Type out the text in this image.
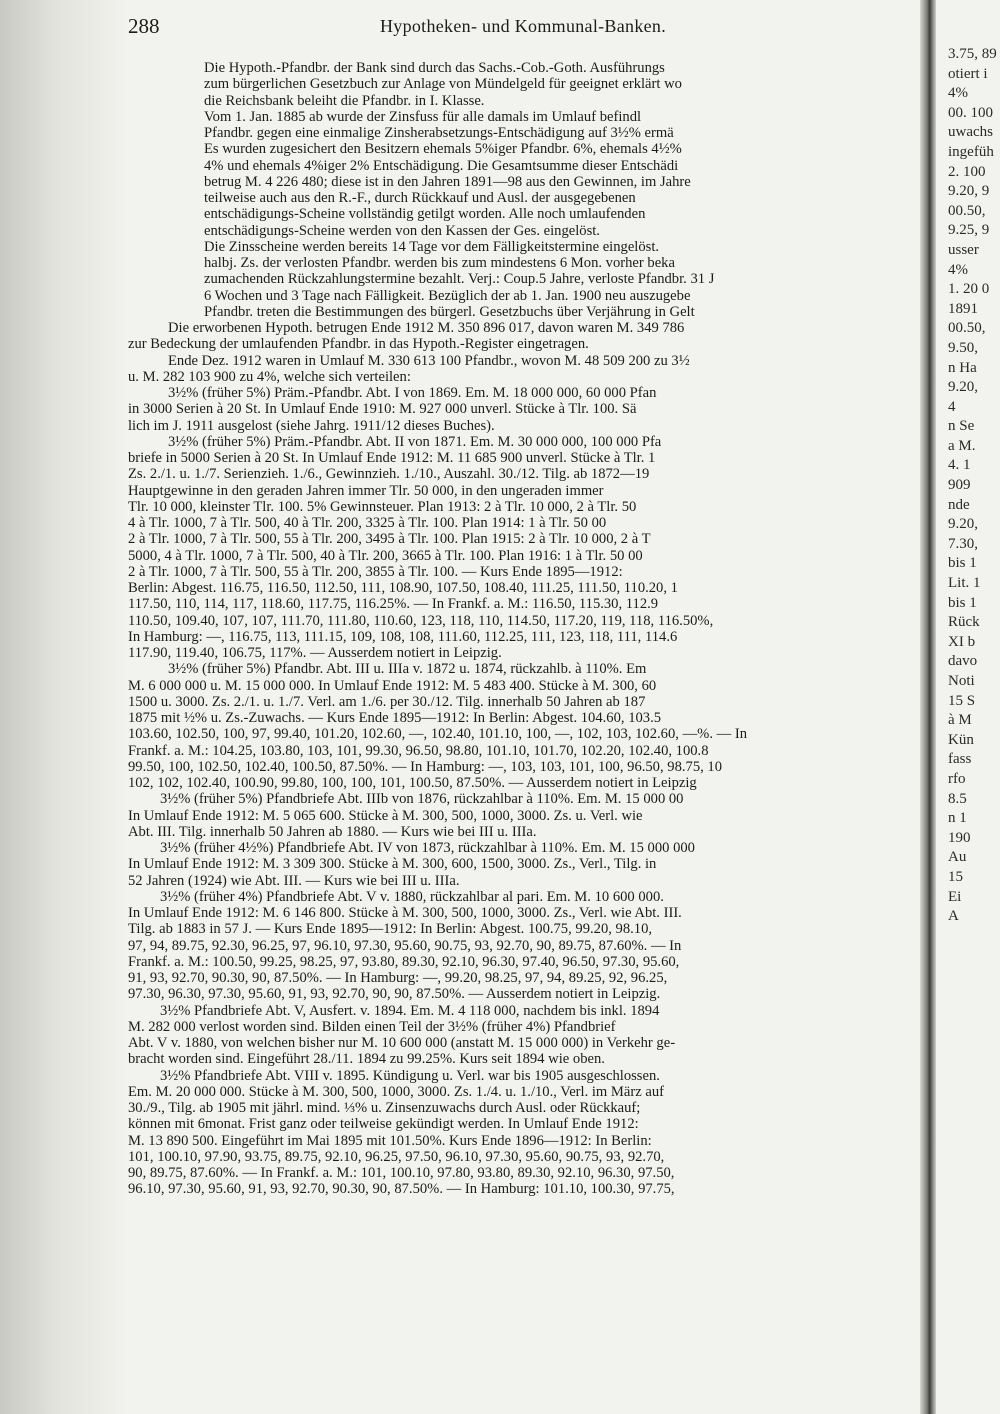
288	Hypotheken- und Kommunal-Banken.
Die Hypoth.-Pfandbr. der Bank sind durch das Sachs.-Cob.-Goth. Ausführungs
zum bürgerlichen Gesetzbuch zur Anlage von Mündelgeld für geeignet erklärt wo
die Reichsbank beleiht die Pfandbr. in I. Klasse.
Vom 1. Jan. 1885 ab wurde der Zinsfuss für alle damals im Umlauf befindl
Pfandbr. gegen eine einmalige Zinsherabsetzungs-Entschädigung auf 3½% ermä
Es wurden zugesichert den Besitzern ehemals 5%iger Pfandbr. 6%, ehemals 4½%
4% und ehemals 4%iger 2% Entschädigung. Die Gesamtsumme dieser Entschädi
betrug M. 4 226 480; diese ist in den Jahren 1891—98 aus den Gewinnen, im Jahre
teilweise auch aus den R.-F., durch Rückkauf und Ausl. der ausgegebenen
entschädigungs-Scheine vollständig getilgt worden. Alle noch umlaufenden
entschädigungs-Scheine werden von den Kassen der Ges. eingelöst.
Die Zinsscheine werden bereits 14 Tage vor dem Fälligkeitstermine eingelöst.
halbj. Zs. der verlosten Pfandbr. werden bis zum mindestens 6 Mon. vorher beka
zumachenden Rückzahlungstermine bezahlt. Verj.: Coup.5 Jahre, verloste Pfandbr. 31 J
6 Wochen und 3 Tage nach Fälligkeit. Bezüglich der ab 1. Jan. 1900 neu auszugebe
Pfandbr. treten die Bestimmungen des bürgerl. Gesetzbuchs über Verjährung in Gelt
Die erworbenen Hypoth. betrugen Ende 1912 M. 350 896 017, davon waren M. 349 786
zur Bedeckung der umlaufenden Pfandbr. in das Hypoth.-Register eingetragen.
Ende Dez. 1912 waren in Umlauf M. 330 613 100 Pfandbr., wovon M. 48 509 200 zu 3½
u. M. 282 103 900 zu 4%, welche sich verteilen:
3½% (früher 5%) Präm.-Pfandbr. Abt. I von 1869. Em. M. 18 000 000, 60 000 Pfan
in 3000 Serien à 20 St. In Umlauf Ende 1910: M. 927 000 unverl. Stücke à Tlr. 100. Sä
lich im J. 1911 ausgelost (siehe Jahrg. 1911/12 dieses Buches).
3½% (früher 5%) Präm.-Pfandbr. Abt. II von 1871. Em. M. 30 000 000, 100 000 Pfa
briefe in 5000 Serien à 20 St. In Umlauf Ende 1912: M. 11 685 900 unverl. Stücke à Tlr. 1
Zs. 2./1. u. 1./7. Serienzieh. 1./6., Gewinnzieh. 1./10., Auszahl. 30./12. Tilg. ab 1872—19
Hauptgewinne in den geraden Jahren immer Tlr. 50 000, in den ungeraden immer
Tlr. 10 000, kleinster Tlr. 100. 5% Gewinnsteuer. Plan 1913: 2 à Tlr. 10 000, 2 à Tlr. 50
4 à Tlr. 1000, 7 à Tlr. 500, 40 à Tlr. 200, 3325 à Tlr. 100. Plan 1914: 1 à Tlr. 50 00
2 à Tlr. 1000, 7 à Tlr. 500, 55 à Tlr. 200, 3495 à Tlr. 100. Plan 1915: 2 à Tlr. 10 000, 2 à T
5000, 4 à Tlr. 1000, 7 à Tlr. 500, 40 à Tlr. 200, 3665 à Tlr. 100. Plan 1916: 1 à Tlr. 50 00
2 à Tlr. 1000, 7 à Tlr. 500, 55 à Tlr. 200, 3855 à Tlr. 100. — Kurs Ende 1895—1912:
Berlin: Abgest. 116.75, 116.50, 112.50, 111, 108.90, 107.50, 108.40, 111.25, 111.50, 110.20, 1
117.50, 110, 114, 117, 118.60, 117.75, 116.25%. — In Frankf. a. M.: 116.50, 115.30, 112.9
110.50, 109.40, 107, 107, 111.70, 111.80, 110.60, 123, 118, 110, 114.50, 117.20, 119, 118, 116.50%,
In Hamburg: —, 116.75, 113, 111.15, 109, 108, 108, 111.60, 112.25, 111, 123, 118, 111, 114.6
117.90, 119.40, 106.75, 117%. — Ausserdem notiert in Leipzig.
3½% (früher 5%) Pfandbr. Abt. III u. IIIa v. 1872 u. 1874, rückzahlb. à 110%. Em
M. 6 000 000 u. M. 15 000 000. In Umlauf Ende 1912: M. 5 483 400. Stücke à M. 300, 60
1500 u. 3000. Zs. 2./1. u. 1./7. Verl. am 1./6. per 30./12. Tilg. innerhalb 50 Jahren ab 187
1875 mit ½% u. Zs.-Zuwachs. — Kurs Ende 1895—1912: In Berlin: Abgest. 104.60, 103.5
103.60, 102.50, 100, 97, 99.40, 101.20, 102.60, —, 102.40, 101.10, 100, —, 102, 103, 102.60, —%. — In
Frankf. a. M.: 104.25, 103.80, 103, 101, 99.30, 96.50, 98.80, 101.10, 101.70, 102.20, 102.40, 100.8
99.50, 100, 102.50, 102.40, 100.50, 87.50%. — In Hamburg: —, 103, 103, 101, 100, 96.50, 98.75, 10
102, 102, 102.40, 100.90, 99.80, 100, 100, 101, 100.50, 87.50%. — Ausserdem notiert in Leipzig
3½% (früher 5%) Pfandbriefe Abt. IIIb von 1876, rückzahlbar à 110%. Em. M. 15 000 00
In Umlauf Ende 1912: M. 5 065 600. Stücke à M. 300, 500, 1000, 3000. Zs. u. Verl. wie
Abt. III. Tilg. innerhalb 50 Jahren ab 1880. — Kurs wie bei III u. IIIa.
3½% (früher 4½%) Pfandbriefe Abt. IV von 1873, rückzahlbar à 110%. Em. M. 15 000 000
In Umlauf Ende 1912: M. 3 309 300. Stücke à M. 300, 600, 1500, 3000. Zs., Verl., Tilg. in
52 Jahren (1924) wie Abt. III. — Kurs wie bei III u. IIIa.
3½% (früher 4%) Pfandbriefe Abt. V v. 1880, rückzahlbar al pari. Em. M. 10 600 000.
In Umlauf Ende 1912: M. 6 146 800. Stücke à M. 300, 500, 1000, 3000. Zs., Verl. wie Abt. III.
Tilg. ab 1883 in 57 J. — Kurs Ende 1895—1912: In Berlin: Abgest. 100.75, 99.20, 98.10,
97, 94, 89.75, 92.30, 96.25, 97, 96.10, 97.30, 95.60, 90.75, 93, 92.70, 90, 89.75, 87.60%. — In
Frankf. a. M.: 100.50, 99.25, 98.25, 97, 93.80, 89.30, 92.10, 96.30, 97.40, 96.50, 97.30, 95.60,
91, 93, 92.70, 90.30, 90, 87.50%. — In Hamburg: —, 99.20, 98.25, 97, 94, 89.25, 92, 96.25,
97.30, 96.30, 97.30, 95.60, 91, 93, 92.70, 90, 90, 87.50%. — Ausserdem notiert in Leipzig.
3½% Pfandbriefe Abt. V, Ausfert. v. 1894. Em. M. 4 118 000, nachdem bis inkl. 1894
M. 282 000 verlost worden sind. Bilden einen Teil der 3½% (früher 4%) Pfandbrief
Abt. V v. 1880, von welchen bisher nur M. 10 600 000 (anstatt M. 15 000 000) in Verkehr ge-
bracht worden sind. Eingeführt 28./11. 1894 zu 99.25%. Kurs seit 1894 wie oben.
3½% Pfandbriefe Abt. VIII v. 1895. Kündigung u. Verl. war bis 1905 ausgeschlossen.
Em. M. 20 000 000. Stücke à M. 300, 500, 1000, 3000. Zs. 1./4. u. 1./10., Verl. im März auf
30./9., Tilg. ab 1905 mit jährl. mind. ⅓% u. Zinsenzuwachs durch Ausl. oder Rückkauf;
können mit 6monat. Frist ganz oder teilweise gekündigt werden. In Umlauf Ende 1912:
M. 13 890 500. Eingeführt im Mai 1895 mit 101.50%. Kurs Ende 1896—1912: In Berlin:
101, 100.10, 97.90, 93.75, 89.75, 92.10, 96.25, 97.50, 96.10, 97.30, 95.60, 90.75, 93, 92.70,
90, 89.75, 87.60%. — In Frankf. a. M.: 101, 100.10, 97.80, 93.80, 89.30, 92.10, 96.30, 97.50,
96.10, 97.30, 95.60, 91, 93, 92.70, 90.30, 90, 87.50%. — In Hamburg: 101.10, 100.30, 97.75,
3.75, 89
otiert i
4%
00. 100
uwachs
ingefüh
2. 100
9.20, 9
00.50,
9.25, 9
usser
4%
1. 20 0
1891
00.50,
9.50,
n Ha
9.20,
4
n Se
a M.
4. 1
909
nde
9.20,
7.30,
bis 1
Lit. 1
bis 1
Rück
XI b
davo
Noti
15 S
à M
Kün
fass
rfo
8.5
n 1
190
Au
15
Ei
A
